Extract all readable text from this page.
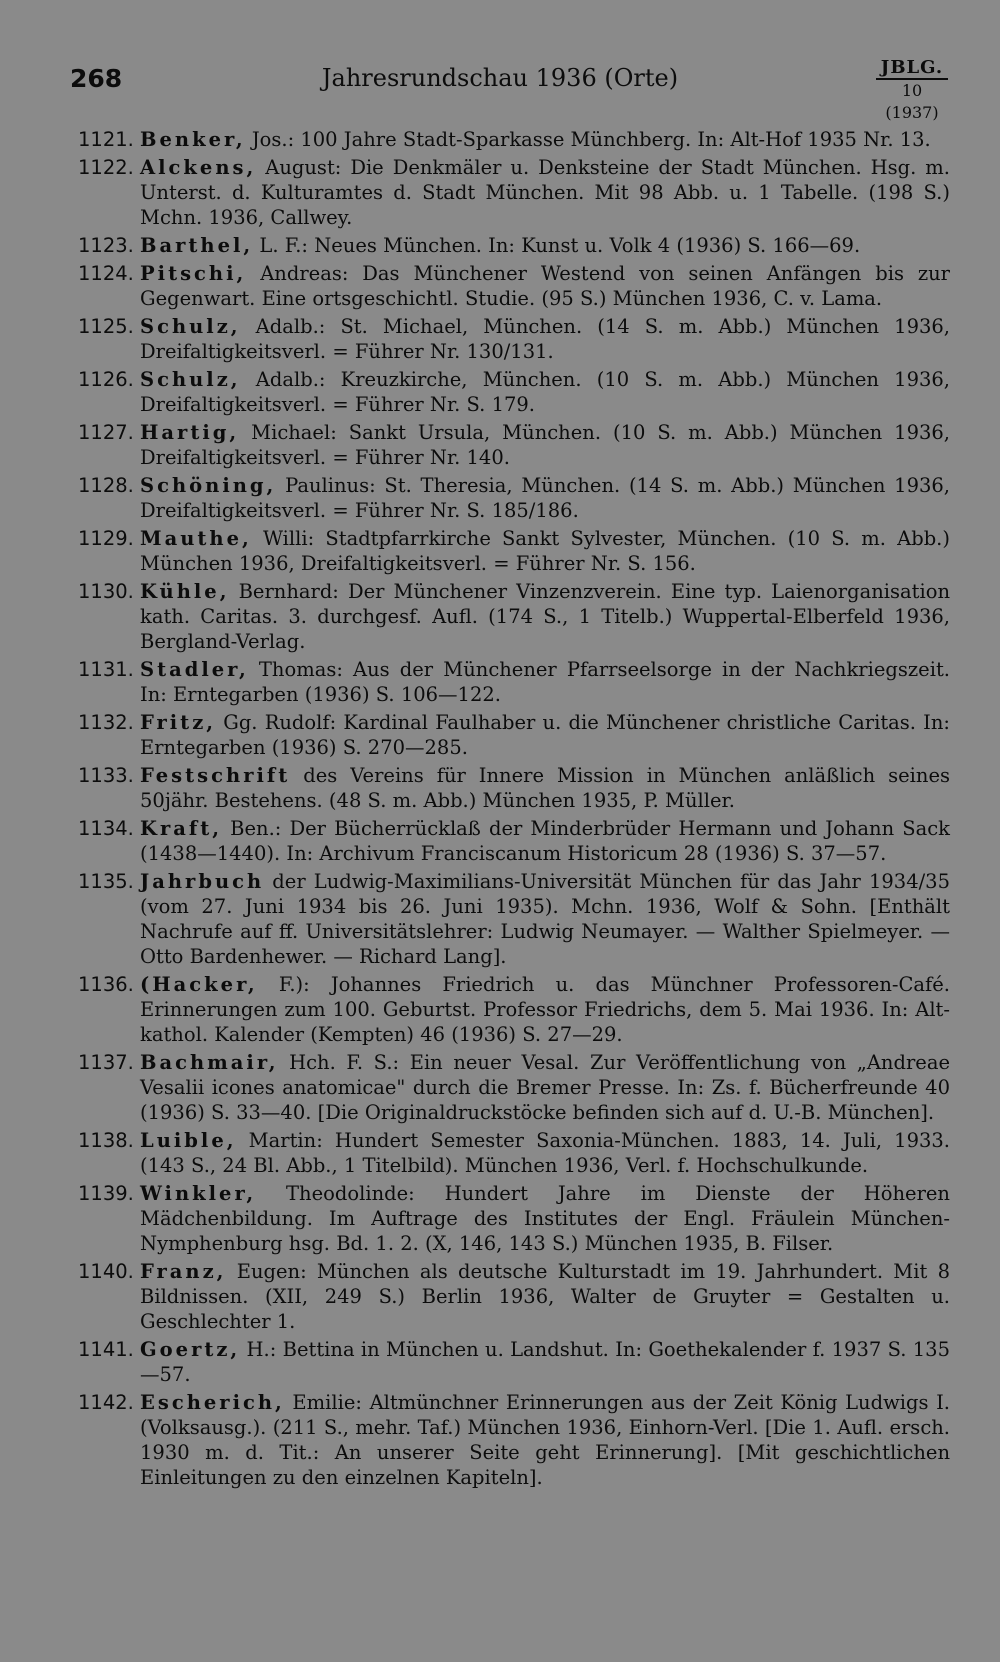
268	Jahresrundschau 1936 (Orte)	JBLG.
10 (1937)
1121. Benker, Jos.: 100 Jahre Stadt-Sparkasse Münchberg. In: Alt-Hof 1935 Nr. 13.
1122. Alckens, August: Die Denkmäler u. Denksteine der Stadt München. Hsg. m. Unterst. d. Kulturamtes d. Stadt München. Mit 98 Abb. u. 1 Tabelle. (198 S.) Mchn. 1936, Callwey.
1123. Barthel, L. F.: Neues München. In: Kunst u. Volk 4 (1936) S. 166—69.
1124. Pitschi, Andreas: Das Münchener Westend von seinen Anfängen bis zur Gegenwart. Eine ortsgeschichtl. Studie. (95 S.) München 1936, C. v. Lama.
1125. Schulz, Adalb.: St. Michael, München. (14 S. m. Abb.) München 1936, Dreifaltigkeitsverl. = Führer Nr. 130/131.
1126. Schulz, Adalb.: Kreuzkirche, München. (10 S. m. Abb.) München 1936, Dreifaltigkeitsverl. = Führer Nr. S. 179.
1127. Hartig, Michael: Sankt Ursula, München. (10 S. m. Abb.) München 1936, Dreifaltigkeitsverl. = Führer Nr. 140.
1128. Schöning, Paulinus: St. Theresia, München. (14 S. m. Abb.) München 1936, Dreifaltigkeitsverl. = Führer Nr. S. 185/186.
1129. Mauthe, Willi: Stadtpfarrkirche Sankt Sylvester, München. (10 S. m. Abb.) München 1936, Dreifaltigkeitsverl. = Führer Nr. S. 156.
1130. Kühle, Bernhard: Der Münchener Vinzenzverein. Eine typ. Laienorganisation kath. Caritas. 3. durchgesf. Aufl. (174 S., 1 Titelb.) Wuppertal-Elberfeld 1936, Bergland-Verlag.
1131. Stadler, Thomas: Aus der Münchener Pfarrseelsorge in der Nachkriegszeit. In: Erntegarben (1936) S. 106—122.
1132. Fritz, Gg. Rudolf: Kardinal Faulhaber u. die Münchener christliche Caritas. In: Erntegarben (1936) S. 270—285.
1133. Festschrift des Vereins für Innere Mission in München anläßlich seines 50jähr. Bestehens. (48 S. m. Abb.) München 1935, P. Müller.
1134. Kraft, Ben.: Der Bücherrücklaß der Minderbrüder Hermann und Johann Sack (1438—1440). In: Archivum Franciscanum Historicum 28 (1936) S. 37—57.
1135. Jahrbuch der Ludwig-Maximilians-Universität München für das Jahr 1934/35 (vom 27. Juni 1934 bis 26. Juni 1935). Mchn. 1936, Wolf & Sohn. [Enthält Nachrufe auf ff. Universitätslehrer: Ludwig Neumayer. — Walther Spielmeyer. — Otto Bardenhewer. — Richard Lang].
1136. (Hacker, F.): Johannes Friedrich u. das Münchner Professoren-Café. Erinnerungen zum 100. Geburtst. Professor Friedrichs, dem 5. Mai 1936. In: Alt-kathol. Kalender (Kempten) 46 (1936) S. 27—29.
1137. Bachmair, Hch. F. S.: Ein neuer Vesal. Zur Veröffentlichung von „Andreae Vesalii icones anatomicae" durch die Bremer Presse. In: Zs. f. Bücherfreunde 40 (1936) S. 33—40. [Die Originaldruckstöcke befinden sich auf d. U.-B. München].
1138. Luible, Martin: Hundert Semester Saxonia-München. 1883, 14. Juli, 1933. (143 S., 24 Bl. Abb., 1 Titelbild). München 1936, Verl. f. Hochschulkunde.
1139. Winkler, Theodolinde: Hundert Jahre im Dienste der Höheren Mädchenbildung. Im Auftrage des Institutes der Engl. Fräulein München-Nymphenburg hsg. Bd. 1. 2. (X, 146, 143 S.) München 1935, B. Filser.
1140. Franz, Eugen: München als deutsche Kulturstadt im 19. Jahrhundert. Mit 8 Bildnissen. (XII, 249 S.) Berlin 1936, Walter de Gruyter = Gestalten u. Geschlechter 1.
1141. Goertz, H.: Bettina in München u. Landshut. In: Goethekalender f. 1937 S. 135—57.
1142. Escherich, Emilie: Altmünchner Erinnerungen aus der Zeit König Ludwigs I. (Volksausg.). (211 S., mehr. Taf.) München 1936, Einhorn-Verl. [Die 1. Aufl. ersch. 1930 m. d. Tit.: An unserer Seite geht Erinnerung]. [Mit geschichtlichen Einleitungen zu den einzelnen Kapiteln].
